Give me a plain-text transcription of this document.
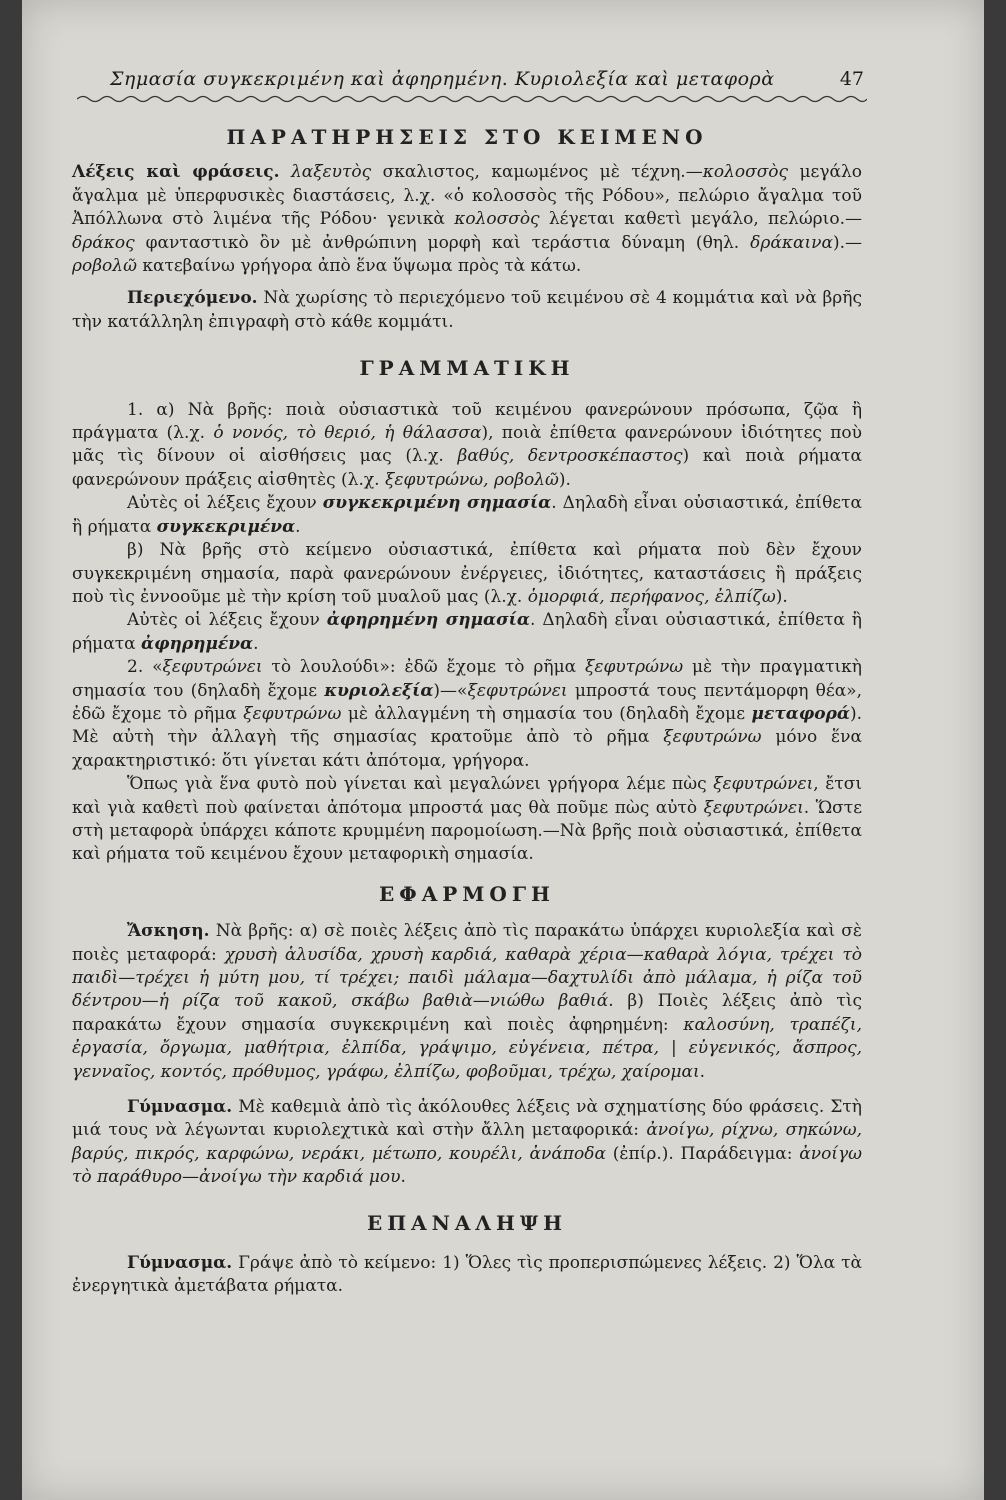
Σημασία συγκεκριμένη καὶ ἀφηρημένη. Κυριολεξία καὶ μεταφορὰ	47
ΠΑΡΑΤΗΡΗΣΕΙΣ ΣΤΟ ΚΕΙΜΕΝΟ

Λέξεις καὶ φράσεις. λαξευτὸς σκαλιστος, καμωμένος μὲ τέχνη.—κολοσσὸς μεγάλο ἄγαλμα μὲ ὑπερφυσικὲς διαστάσεις, λ.χ. «ὁ κολοσσὸς τῆς Ρόδου», πελώριο ἄγαλμα τοῦ Ἀπόλλωνα στὸ λιμένα τῆς Ρόδου· γενικὰ κολοσσὸς λέγεται καθετὶ μεγάλο, πελώριο.—δράκος φανταστικὸ ὂν μὲ ἀνθρώπινη μορφὴ καὶ τεράστια δύναμη (θηλ. δράκαινα).—ροβολῶ κατεβαίνω γρήγορα ἀπὸ ἕνα ὕψωμα πρὸς τὰ κάτω.

Περιεχόμενο. Νὰ χωρίσης τὸ περιεχόμενο τοῦ κειμένου σὲ 4 κομμάτια καὶ νὰ βρῆς τὴν κατάλληλη ἐπιγραφὴ στὸ κάθε κομμάτι.

ΓΡΑΜΜΑΤΙΚΗ

1. α) Νὰ βρῆς: ποιὰ οὐσιαστικὰ τοῦ κειμένου φανερώνουν πρόσωπα, ζῷα ἢ πράγματα (λ.χ. ὁ νονός, τὸ θεριό, ἡ θάλασσα), ποιὰ ἐπίθετα φανερώνουν ἰδιότητες ποὺ μᾶς τὶς δίνουν οἱ αἰσθήσεις μας (λ.χ. βαθύς, δεντροσκέπαστος) καὶ ποιὰ ρήματα φανερώνουν πράξεις αἰσθητὲς (λ.χ. ξεφυτρώνω, ροβολῶ).

Αὐτὲς οἱ λέξεις ἔχουν συγκεκριμένη σημασία. Δηλαδὴ εἶναι οὐσιαστικά, ἐπίθετα ἢ ρήματα συγκεκριμένα.

β) Νὰ βρῆς στὸ κείμενο οὐσιαστικά, ἐπίθετα καὶ ρήματα ποὺ δὲν ἔχουν συγκεκριμένη σημασία, παρὰ φανερώνουν ἐνέργειες, ἰδιότητες, καταστάσεις ἢ πράξεις ποὺ τὶς ἐννοοῦμε μὲ τὴν κρίση τοῦ μυαλοῦ μας (λ.χ. ὁμορφιά, περήφανος, ἐλπίζω).

Αὐτὲς οἱ λέξεις ἔχουν ἀφηρημένη σημασία. Δηλαδὴ εἶναι οὐσιαστικά, ἐπίθετα ἢ ρήματα ἀφηρημένα.

2. «ξεφυτρώνει τὸ λουλούδι»: ἐδῶ ἔχομε τὸ ρῆμα ξεφυτρώνω μὲ τὴν πραγματικὴ σημασία του (δηλαδὴ ἔχομε κυριολεξία)—«ξεφυτρώνει μπροστά τους πεντάμορφη θέα», ἐδῶ ἔχομε τὸ ρῆμα ξεφυτρώνω μὲ ἀλλαγμένη τὴ σημασία του (δηλαδὴ ἔχομε μεταφορά). Μὲ αὐτὴ τὴν ἀλλαγὴ τῆς σημασίας κρατοῦμε ἀπὸ τὸ ρῆμα ξεφυτρώνω μόνο ἕνα χαρακτηριστικό: ὅτι γίνεται κάτι ἀπότομα, γρήγορα.

Ὅπως γιὰ ἕνα φυτὸ ποὺ γίνεται καὶ μεγαλώνει γρήγορα λέμε πὼς ξεφυτρώνει, ἔτσι καὶ γιὰ καθετὶ ποὺ φαίνεται ἀπότομα μπροστά μας θὰ ποῦμε πὼς αὐτὸ ξεφυτρώνει. Ὥστε στὴ μεταφορὰ ὑπάρχει κάποτε κρυμμένη παρομοίωση.—Νὰ βρῆς ποιὰ οὐσιαστικά, ἐπίθετα καὶ ρήματα τοῦ κειμένου ἔχουν μεταφορικὴ σημασία.

ΕΦΑΡΜΟΓΗ

Ἄσκηση. Νὰ βρῆς: α) σὲ ποιὲς λέξεις ἀπὸ τὶς παρακάτω ὑπάρχει κυριολεξία καὶ σὲ ποιὲς μεταφορά: χρυσὴ ἁλυσίδα, χρυσὴ καρδιά, καθαρὰ χέρια—καθαρὰ λόγια, τρέχει τὸ παιδὶ—τρέχει ἡ μύτη μου, τί τρέχει; παιδὶ μάλαμα—δαχτυλίδι ἀπὸ μάλαμα, ἡ ρίζα τοῦ δέντρου—ἡ ρίζα τοῦ κακοῦ, σκάβω βαθιὰ—νιώθω βαθιά. β) Ποιὲς λέξεις ἀπὸ τὶς παρακάτω ἔχουν σημασία συγκεκριμένη καὶ ποιὲς ἀφηρημένη: καλοσύνη, τραπέζι, ἐργασία, ὄργωμα, μαθήτρια, ἐλπίδα, γράψιμο, εὐγένεια, πέτρα, | εὐγενικός, ἄσπρος, γενναῖος, κοντός, πρόθυμος, γράφω, ἐλπίζω, φοβοῦμαι, τρέχω, χαίρομαι.

Γύμνασμα. Μὲ καθεμιὰ ἀπὸ τὶς ἀκόλουθες λέξεις νὰ σχηματίσης δύο φράσεις. Στὴ μιά τους νὰ λέγωνται κυριολεχτικὰ καὶ στὴν ἄλλη μεταφορικά: ἀνοίγω, ρίχνω, σηκώνω, βαρύς, πικρός, καρφώνω, νεράκι, μέτωπο, κουρέλι, ἀνάποδα (ἐπίρ.). Παράδειγμα: ἀνοίγω τὸ παράθυρο—ἀνοίγω τὴν καρδιά μου.

ΕΠΑΝΑΛΗΨΗ

Γύμνασμα. Γράψε ἀπὸ τὸ κείμενο: 1) Ὅλες τὶς προπερισπώμενες λέξεις. 2) Ὅλα τὰ ἐνεργητικὰ ἀμετάβατα ρήματα.
